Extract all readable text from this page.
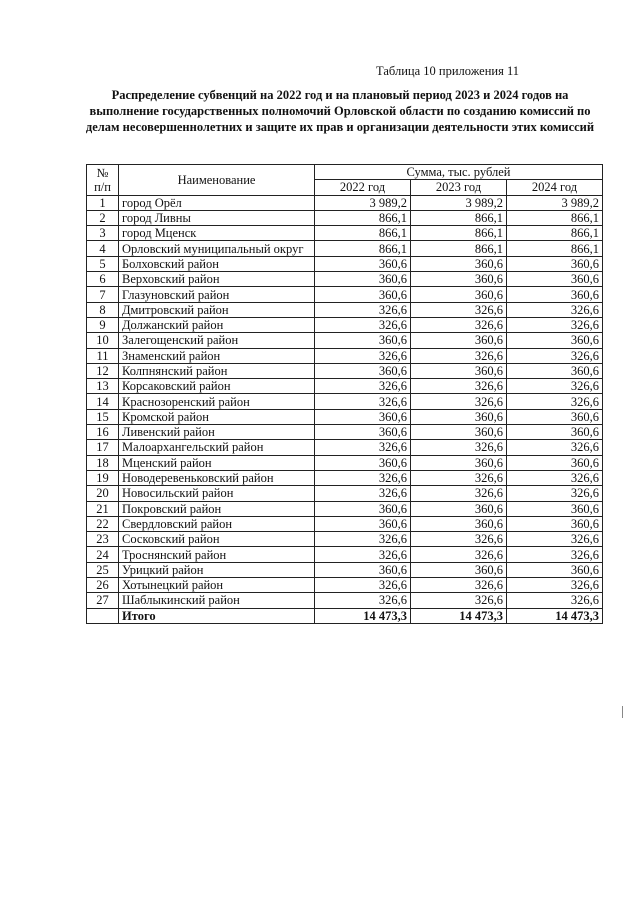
Таблица 10 приложения 11
Распределение субвенций на 2022 год и на плановый период 2023 и 2024 годов на выполнение государственных полномочий Орловской области по созданию комиссий по делам несовершеннолетних и защите их прав и организации деятельности этих комиссий
№ п/п	Наименование	Сумма, тыс. рублей		
		2022 год	2023 год	2024 год
1	город Орёл	3 989,2	3 989,2	3 989,2
2	город Ливны	866,1	866,1	866,1
3	город Мценск	866,1	866,1	866,1
4	Орловский муниципальный округ	866,1	866,1	866,1
5	Болховский район	360,6	360,6	360,6
6	Верховский район	360,6	360,6	360,6
7	Глазуновский район	360,6	360,6	360,6
8	Дмитровский район	326,6	326,6	326,6
9	Должанский район	326,6	326,6	326,6
10	Залегощенский район	360,6	360,6	360,6
11	Знаменский район	326,6	326,6	326,6
12	Колпнянский район	360,6	360,6	360,6
13	Корсаковский район	326,6	326,6	326,6
14	Краснозоренский район	326,6	326,6	326,6
15	Кромской район	360,6	360,6	360,6
16	Ливенский район	360,6	360,6	360,6
17	Малоархангельский район	326,6	326,6	326,6
18	Мценский район	360,6	360,6	360,6
19	Новодеревеньковский район	326,6	326,6	326,6
20	Новосильский район	326,6	326,6	326,6
21	Покровский район	360,6	360,6	360,6
22	Свердловский район	360,6	360,6	360,6
23	Сосковский район	326,6	326,6	326,6
24	Троснянский район	326,6	326,6	326,6
25	Урицкий район	360,6	360,6	360,6
26	Хотынецкий район	326,6	326,6	326,6
27	Шаблыкинский район	326,6	326,6	326,6
	Итого	14 473,3	14 473,3	14 473,3
